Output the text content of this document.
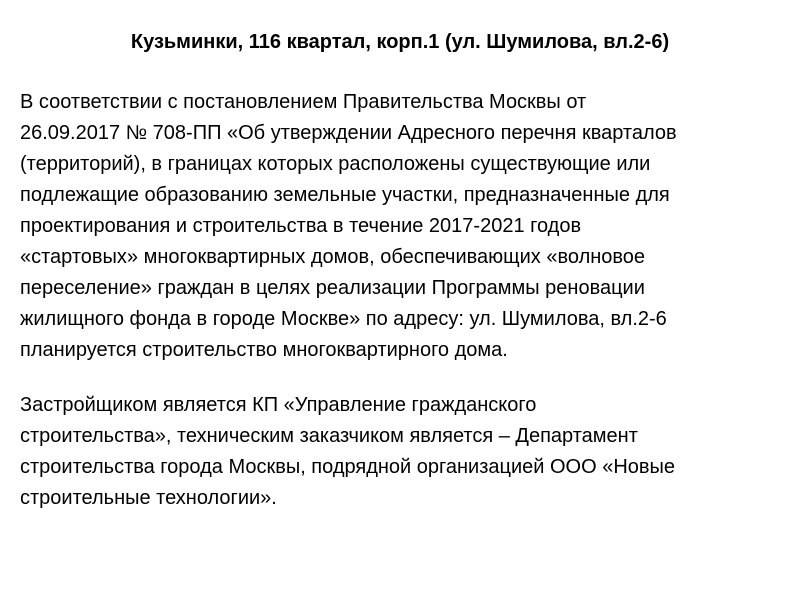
Кузьминки, 116 квартал, корп.1 (ул. Шумилова, вл.2-6)

В соответствии с постановлением Правительства Москвы от
26.09.2017 № 708-ПП «Об утверждении Адресного перечня кварталов
(территорий), в границах которых расположены существующие или
подлежащие образованию земельные участки, предназначенные для
проектирования и строительства в течение 2017-2021 годов
«стартовых» многоквартирных домов, обеспечивающих «волновое
переселение» граждан в целях реализации Программы реновации
жилищного фонда в городе Москве» по адресу: ул. Шумилова, вл.2-6
планируется строительство многоквартирного дома.

Застройщиком является КП «Управление гражданского
строительства», техническим заказчиком является – Департамент
строительства города Москвы, подрядной организацией ООО «Новые
строительные технологии».
